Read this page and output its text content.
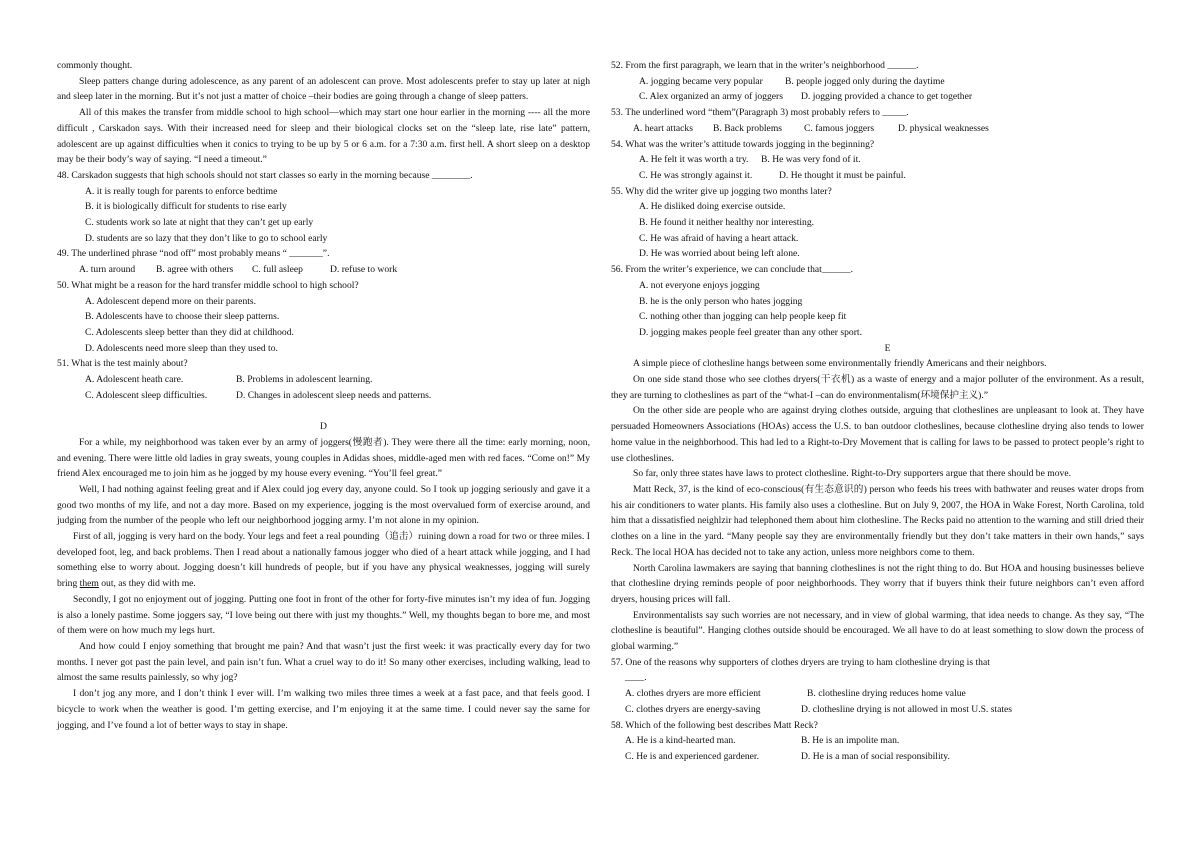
commonly thought.

Sleep patters change during adolescence, as any parent of an adolescent can prove. Most adolescents prefer to stay up later at nigh and sleep later in the morning. But it’s not just a matter of choice –their bodies are going through a change of sleep patters.

All of this makes the transfer from middle school to high school—which may start one hour earlier in the morning ---- all the more difficult , Carskadon says. With their increased need for sleep and their biological clocks set on the “sleep late, rise late” pattern, adolescent are up against difficulties when it conics to trying to be up by 5 or 6 a.m. for a 7:30 a.m. first hell. A short sleep on a desktop may be their body’s way of saying. “I need a timeout.”

48. Carskadon suggests that high schools should not start classes so early in the morning because ________.

A. it is really tough for parents to enforce bedtime

B. it is biologically difficult for students to rise early

C. students work so late at night that they can’t get up early

D. students are so lazy that they don’t like to go to school early

49. The underlined phrase “nod off” most probably means “ _______”.

A. turn around	B. agree with others	C. full asleep	D. refuse to work

50. What might be a reason for the hard transfer middle school to high school?

A. Adolescent depend more on their parents.

B. Adolescents have to choose their sleep patterns.

C. Adolescents sleep better than they did at childhood.

D. Adolescents need more sleep than they used to.

51. What is the test mainly about?

A. Adolescent heath care.	B. Problems in adolescent learning.

C. Adolescent sleep difficulties.	D. Changes in adolescent sleep needs and patterns.

D

For a while, my neighborhood was taken ever by an army of joggers(慢跑者). They were there all the time: early morning, noon, and evening. There were little old ladies in gray sweats, young couples in Adidas shoes, middle-aged men with red faces. “Come on!” My friend Alex encouraged me to join him as he jogged by my house every evening. “You’ll feel great.”

Well, I had nothing against feeling great and if Alex could jog every day, anyone could. So I took up jogging seriously and gave it a good two months of my life, and not a day more. Based on my experience, jogging is the most overvalued form of exercise around, and judging from the number of the people who left our neighborhood jogging army. I’m not alone in my opinion.

First of all, jogging is very hard on the body. Your legs and feet a real pounding（追击）ruining down a road for two or three miles. I developed foot, leg, and back problems. Then I read about a nationally famous jogger who died of a heart attack while jogging, and I had something else to worry about. Jogging doesn’t kill hundreds of people, but if you have any physical weaknesses, jogging will surely bring them out, as they did with me.

Secondly, I got no enjoyment out of jogging. Putting one foot in front of the other for forty-five minutes isn’t my idea of fun. Jogging is also a lonely pastime. Some joggers say, “I love being out there with just my thoughts.” Well, my thoughts began to bore me, and most of them were on how much my legs hurt.

And how could I enjoy something that brought me pain? And that wasn’t just the first week: it was practically every day for two months. I never got past the pain level, and pain isn’t fun. What a cruel way to do it! So many other exercises, including walking, lead to almost the same results painlessly, so why jog?

I don’t jog any more, and I don’t think I ever will. I’m walking two miles three times a week at a fast pace, and that feels good. I bicycle to work when the weather is good. I’m getting exercise, and I’m enjoying it at the same time. I could never say the same for jogging, and I’ve found a lot of better ways to stay in shape.

52. From the first paragraph, we learn that in the writer’s neighborhood ______.

A. jogging became very popular	B. people jogged only during the daytime

C. Alex organized an army of joggers	D. jogging provided a chance to get together

53. The underlined word “them”(Paragraph 3) most probably refers to _____.

A. heart attacks	B. Back problems	C. famous joggers	D. physical weaknesses

54. What was the writer’s attitude towards jogging in the beginning?

A. He felt it was worth a try.	B. He was very fond of it.

C. He was strongly against it.	D. He thought it must be painful.

55. Why did the writer give up jogging two months later?

A. He disliked doing exercise outside.

B. He found it neither healthy nor interesting.

C. He was afraid of having a heart attack.

D. He was worried about being left alone.

56. From the writer’s experience, we can conclude that______.

A. not everyone enjoys jogging

B. he is the only person who hates jogging

C. nothing other than jogging can help people keep fit

D. jogging makes people feel greater than any other sport.

E

A simple piece of clothesline hangs between some environmentally friendly Americans and their neighbors.

On one side stand those who see clothes dryers(干衣机) as a waste of energy and a major polluter of the environment. As a result, they are turning to clotheslines as part of the “what-I –can do environmentalism(环境保护主义).”

On the other side are people who are against drying clothes outside, arguing that clotheslines are unpleasant to look at. They have persuaded Homeowners Associations (HOAs) access the U.S. to ban outdoor clotheslines, because clothesline drying also tends to lower home value in the neighborhood. This had led to a Right-to-Dry Movement that is calling for laws to be passed to protect people’s right to use clotheslines.

So far, only three states have laws to protect clothesline. Right-to-Dry supporters argue that there should be move.

Matt Reck, 37, is the kind of eco-conscious(有生态意识的) person who feeds his trees with bathwater and reuses water drops from his air conditioners to water plants. His family also uses a clothesline. But on July 9, 2007, the HOA in Wake Forest, North Carolina, told him that a dissatisfied neighlzir had telephoned them about him clothesline. The Recks paid no attention to the warning and still dried their clothes on a line in the yard. “Many people say they are environmentally friendly but they don’t take matters in their own hands,” says Reck. The local HOA has decided not to take any action, unless more neighbors come to them.

North Carolina lawmakers are saying that banning clotheslines is not the right thing to do. But HOA and housing businesses believe that clothesline drying reminds people of poor neighborhoods. They worry that if buyers think their future neighbors can’t even afford dryers, housing prices will fall.

Environmentalists say such worries are not necessary, and in view of global warming, that idea needs to change. As they say, “The clothesline is beautiful”. Hanging clothes outside should be encouraged. We all have to do at least something to slow down the process of global warming.”

57. One of the reasons why supporters of clothes dryers are trying to ham clothesline drying is that

____.

A. clothes dryers are more efficient	B. clothesline drying reduces home value

C. clothes dryers are energy-saving	D. clothesline drying is not allowed in most U.S. states

58. Which of the following best describes Matt Reck?

A. He is a kind-hearted man.	B. He is an impolite man.

C. He is and experienced gardener.	D. He is a man of social responsibility.
